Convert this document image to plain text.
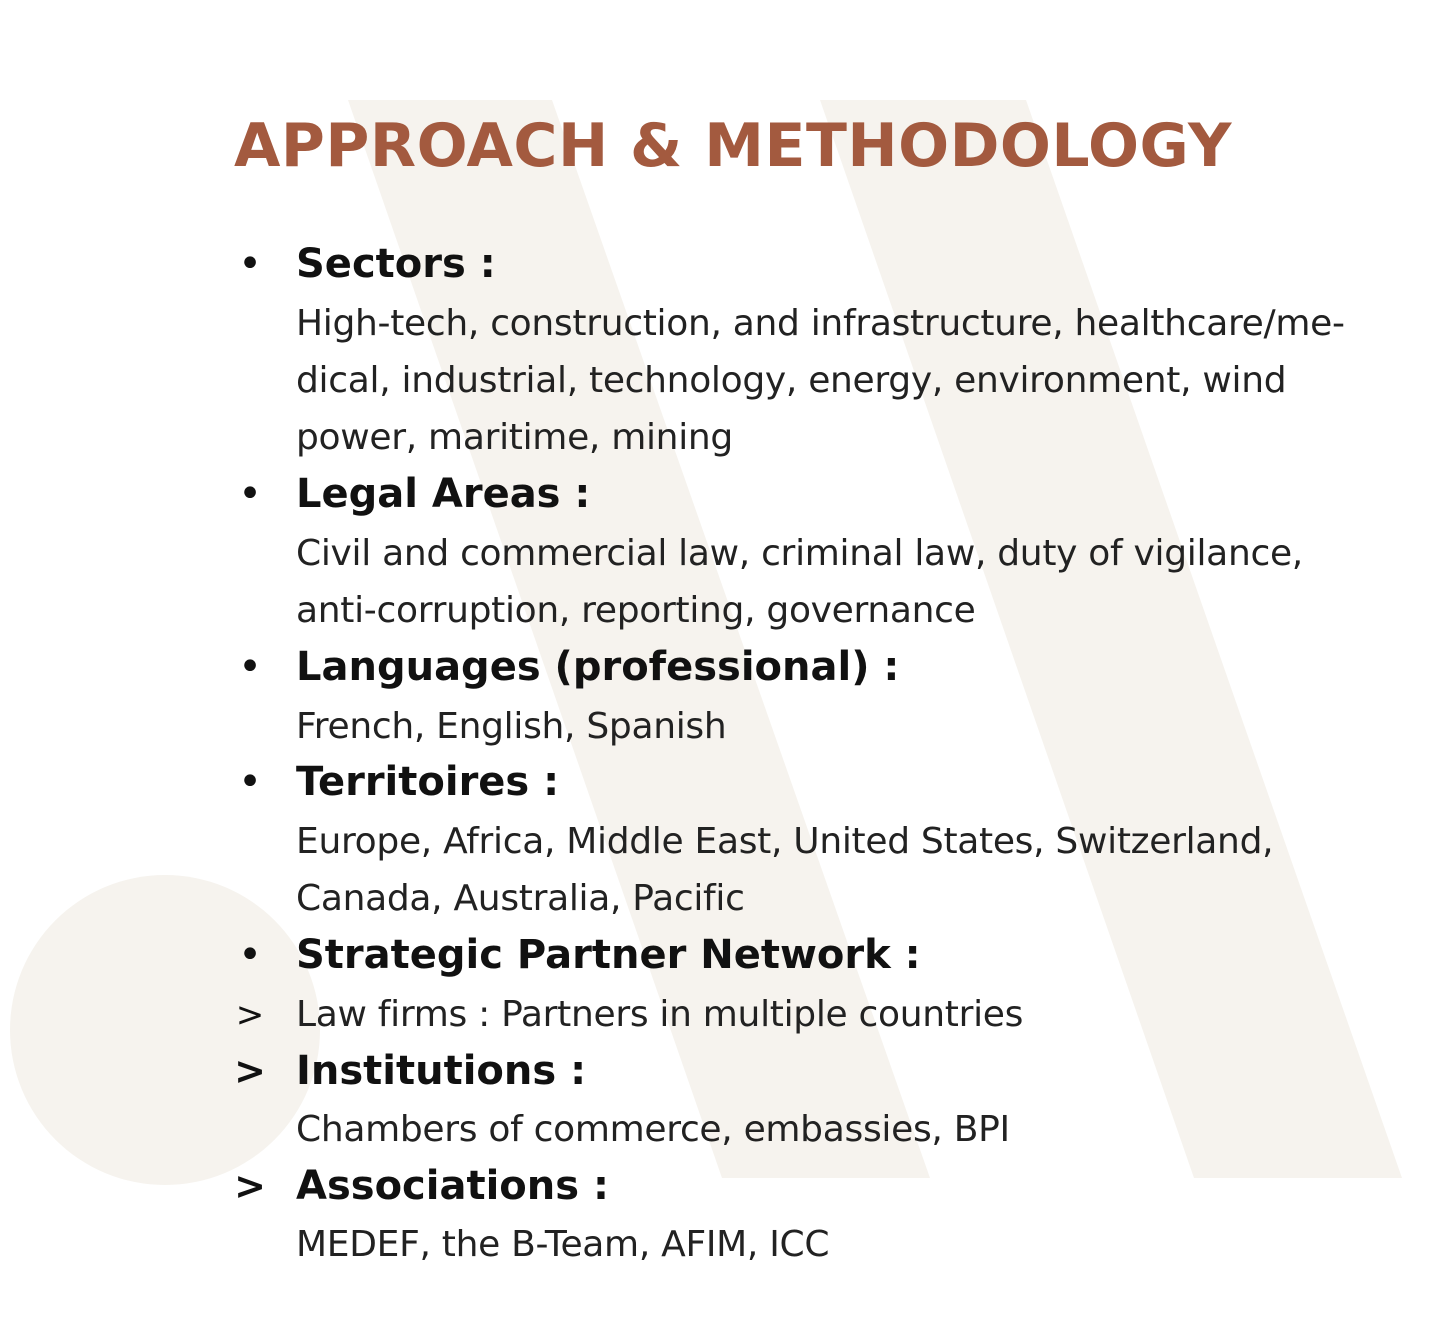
APPROACH & METHODOLOGY
• Sectors :
High-tech, construction, and infrastructure, healthcare/me-
dical, industrial, technology, energy, environment, wind
power, maritime, mining
• Legal Areas :
Civil and commercial law, criminal law, duty of vigilance,
anti-corruption, reporting, governance
• Languages (professional) :
French, English, Spanish
• Territoires :
Europe, Africa, Middle East, United States, Switzerland,
Canada, Australia, Pacific
• Strategic Partner Network :
> Law firms : Partners in multiple countries
> Institutions :
Chambers of commerce, embassies, BPI
> Associations :
MEDEF, the B-Team, AFIM, ICC
